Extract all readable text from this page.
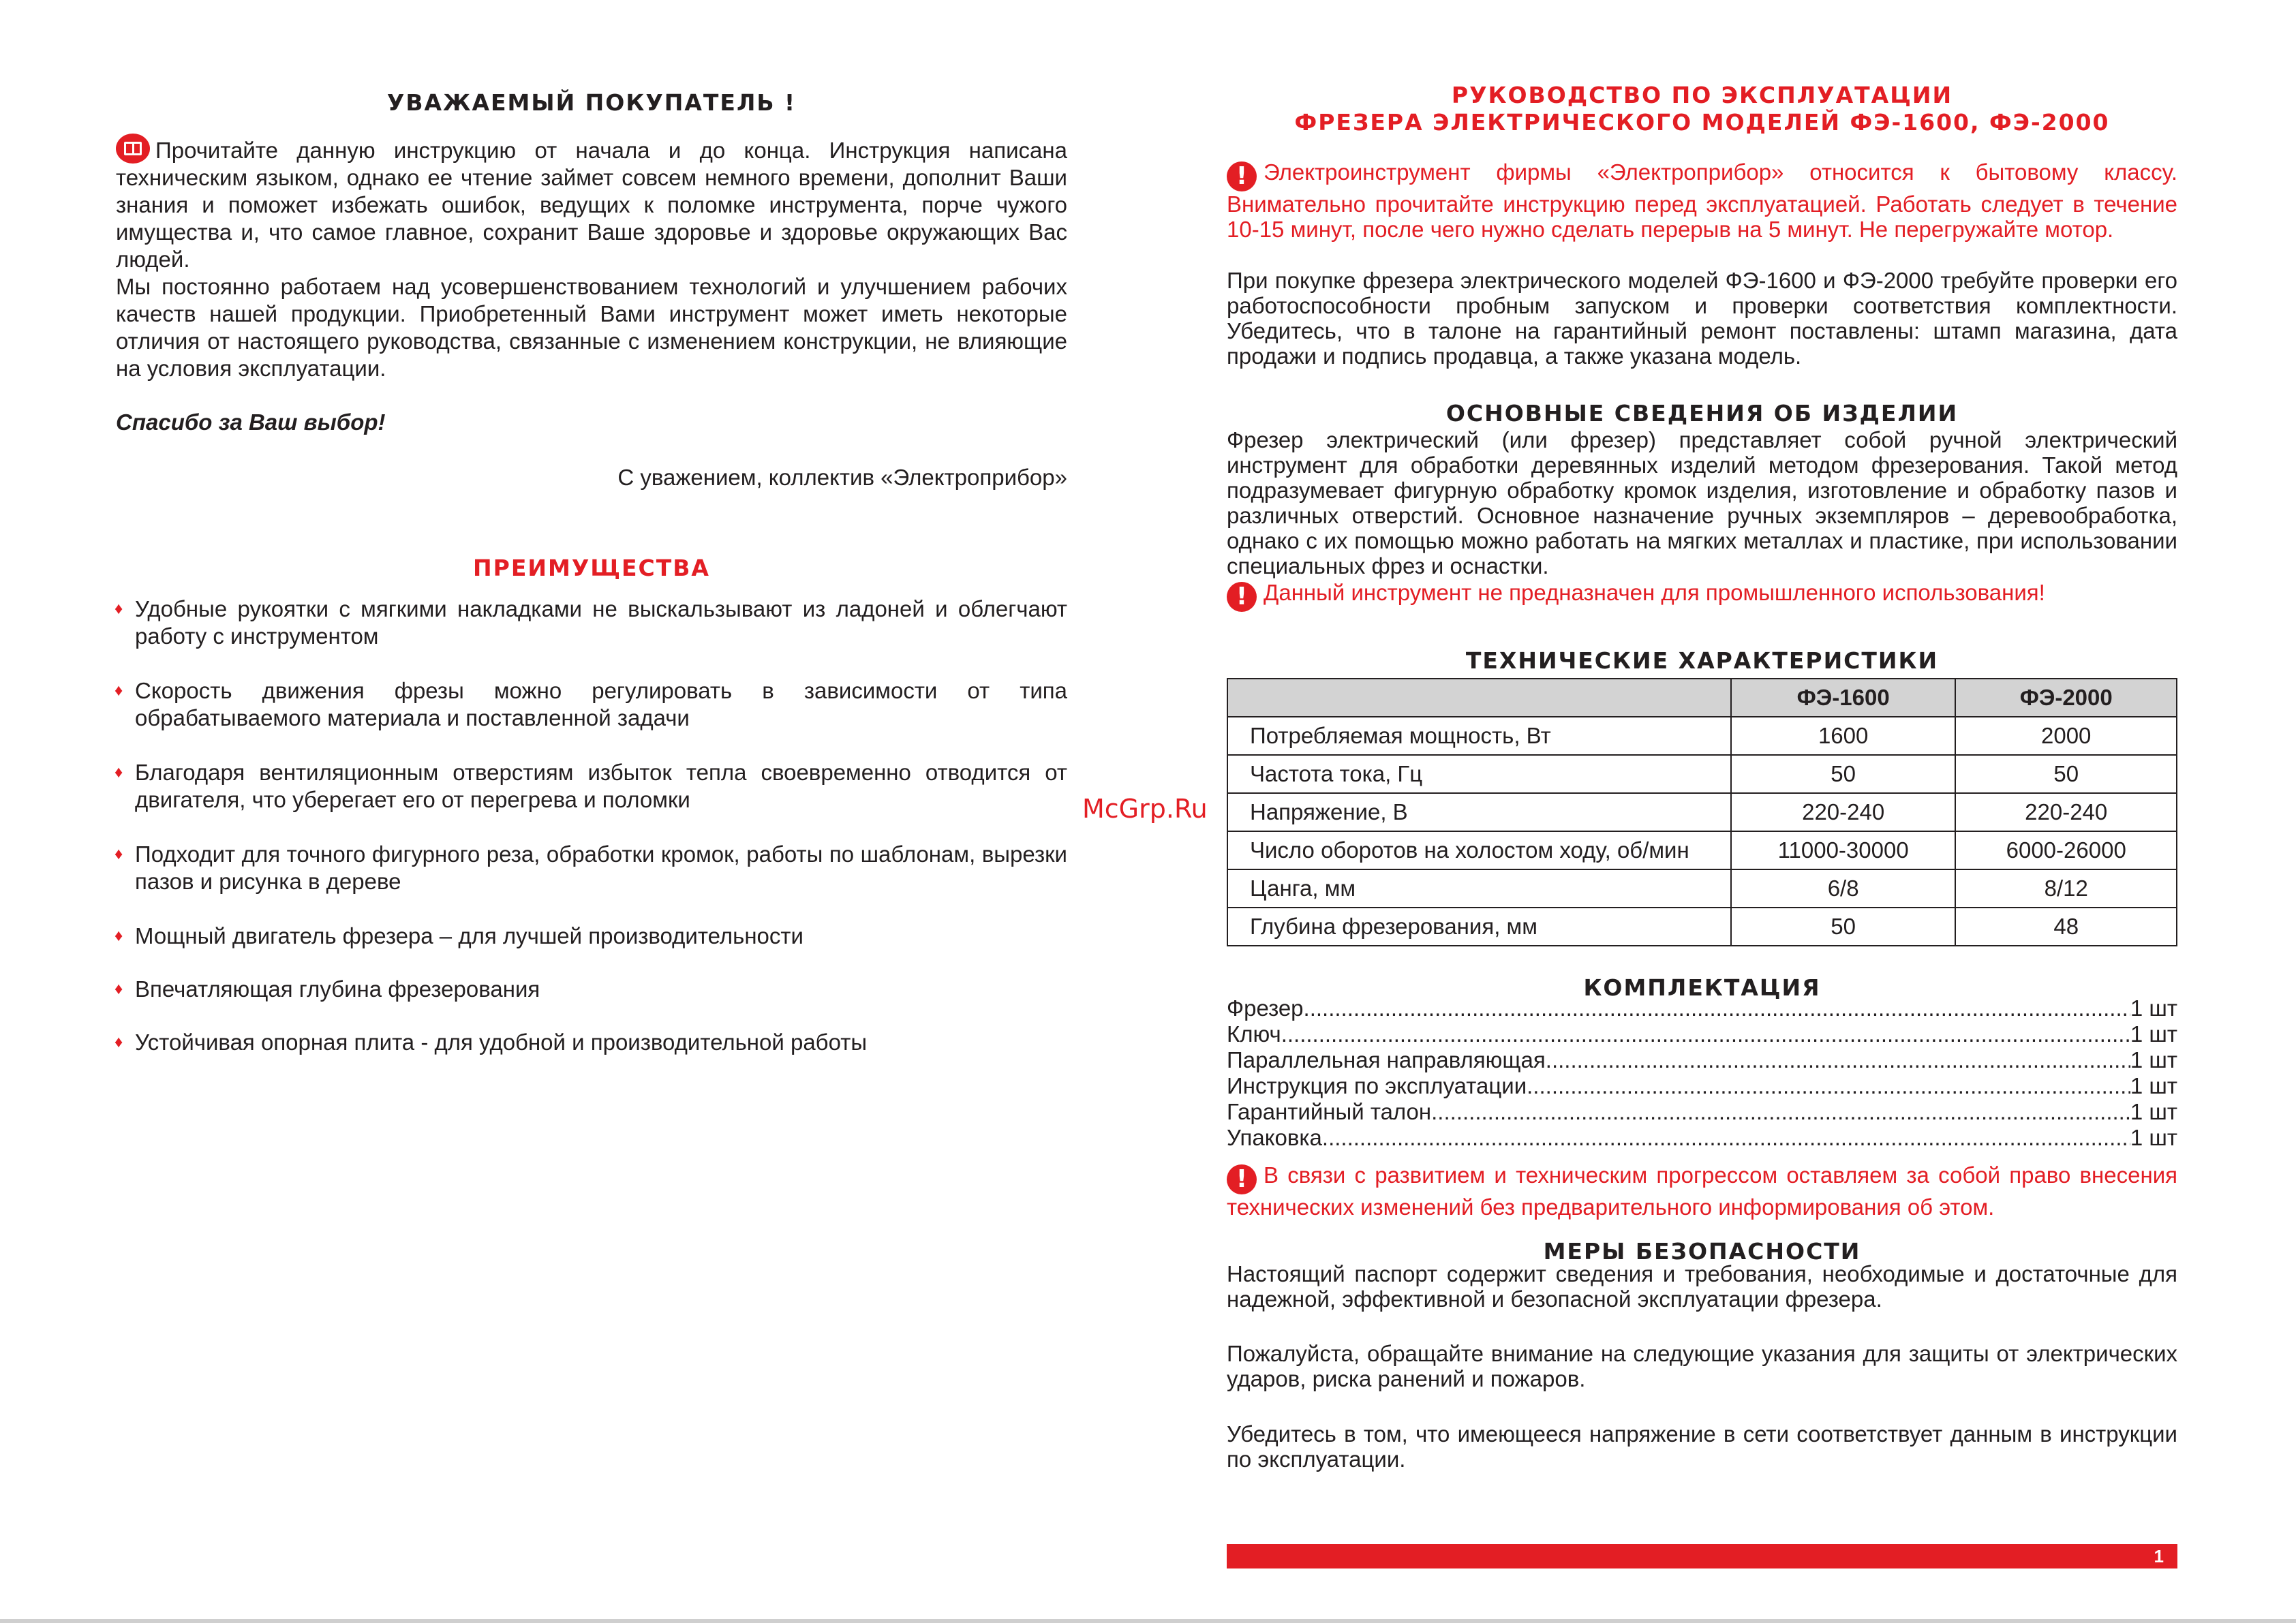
УВАЖАЕМЫЙ ПОКУПАТЕЛЬ !

Прочитайте данную инструкцию от начала и до конца. Инструкция написана техническим языком, однако ее чтение займет совсем немного времени, дополнит Ваши знания и поможет избежать ошибок, ведущих к поломке инструмента, порче чужого имущества и, что самое главное, сохранит Ваше здоровье и здоровье окружающих Вас людей.

Мы постоянно работаем над усовершенствованием технологий и улучшением рабочих качеств нашей продукции. Приобретенный Вами инструмент может иметь некоторые отличия от настоящего руководства, связанные с изменением конструкции, не влияющие на условия эксплуатации.

Спасибо за Ваш выбор!

С уважением, коллектив «Электроприбор»

ПРЕИМУЩЕСТВА
♦ Удобные рукоятки с мягкими накладками не выскальзывают из ладоней и облегчают работу с инструментом
♦ Скорость движения фрезы можно регулировать в зависимости от типа обрабатываемого материала и поставленной задачи
♦ Благодаря вентиляционным отверстиям избыток тепла своевременно отводится от двигателя, что уберегает его от перегрева и поломки
♦ Подходит для точного фигурного реза, обработки кромок, работы по шаблонам, вырезки пазов и рисунка в дереве
♦ Мощный двигатель фрезера – для лучшей производительности
♦ Впечатляющая глубина фрезерования
♦ Устойчивая опорная плита - для удобной и производительной работы
McGrp.Ru
РУКОВОДСТВО ПО ЭКСПЛУАТАЦИИ
ФРЕЗЕРА ЭЛЕКТРИЧЕСКОГО МОДЕЛЕЙ ФЭ-1600, ФЭ-2000

! Электроинструмент фирмы «Электроприбор» относится к бытовому классу. Внимательно прочитайте инструкцию перед эксплуатацией. Работать следует в течение 10-15 минут, после чего нужно сделать перерыв на 5 минут. Не перегружайте мотор.

При покупке фрезера электрического моделей ФЭ-1600 и ФЭ-2000 требуйте проверки его работоспособности пробным запуском и проверки соответствия комплектности. Убедитесь, что в талоне на гарантийный ремонт поставлены: штамп магазина, дата продажи и подпись продавца, а также указана модель.

ОСНОВНЫЕ СВЕДЕНИЯ ОБ ИЗДЕЛИИ

Фрезер электрический (или фрезер) представляет собой ручной электрический инструмент для обработки деревянных изделий методом фрезерования. Такой метод подразумевает фигурную обработку кромок изделия, изготовление и обработку пазов и различных отверстий. Основное назначение ручных экземпляров – деревообработка, однако с их помощью можно работать на мягких металлах и пластике, при использовании специальных фрез и оснастки.

! Данный инструмент не предназначен для промышленного использования!

ТЕХНИЧЕСКИЕ ХАРАКТЕРИСТИКИ
	ФЭ-1600	ФЭ-2000
Потребляемая мощность, Вт	1600	2000
Частота тока, Гц	50	50
Напряжение, В	220-240	220-240
Число оборотов на холостом ходу, об/мин	11000-30000	6000-26000
Цанга, мм	6/8	8/12
Глубина фрезерования, мм	50	48
КОМПЛЕКТАЦИЯ
Фрезер .....	1 шт
Ключ .....	1 шт
Параллельная направляющая .....	1 шт
Инструкция по эксплуатации .....	1 шт
Гарантийный талон .....	1 шт
Упаковка .....	1 шт

! В связи с развитием и техническим прогрессом оставляем за собой право внесения технических изменений без предварительного информирования об этом.

МЕРЫ БЕЗОПАСНОСТИ

Настоящий паспорт содержит сведения и требования, необходимые и достаточные для надежной, эффективной и безопасной эксплуатации фрезера.

Пожалуйста, обращайте внимание на следующие указания для защиты от электрических ударов, риска ранений и пожаров.

Убедитесь в том, что имеющееся напряжение в сети соответствует данным в инструкции по эксплуатации.

1
